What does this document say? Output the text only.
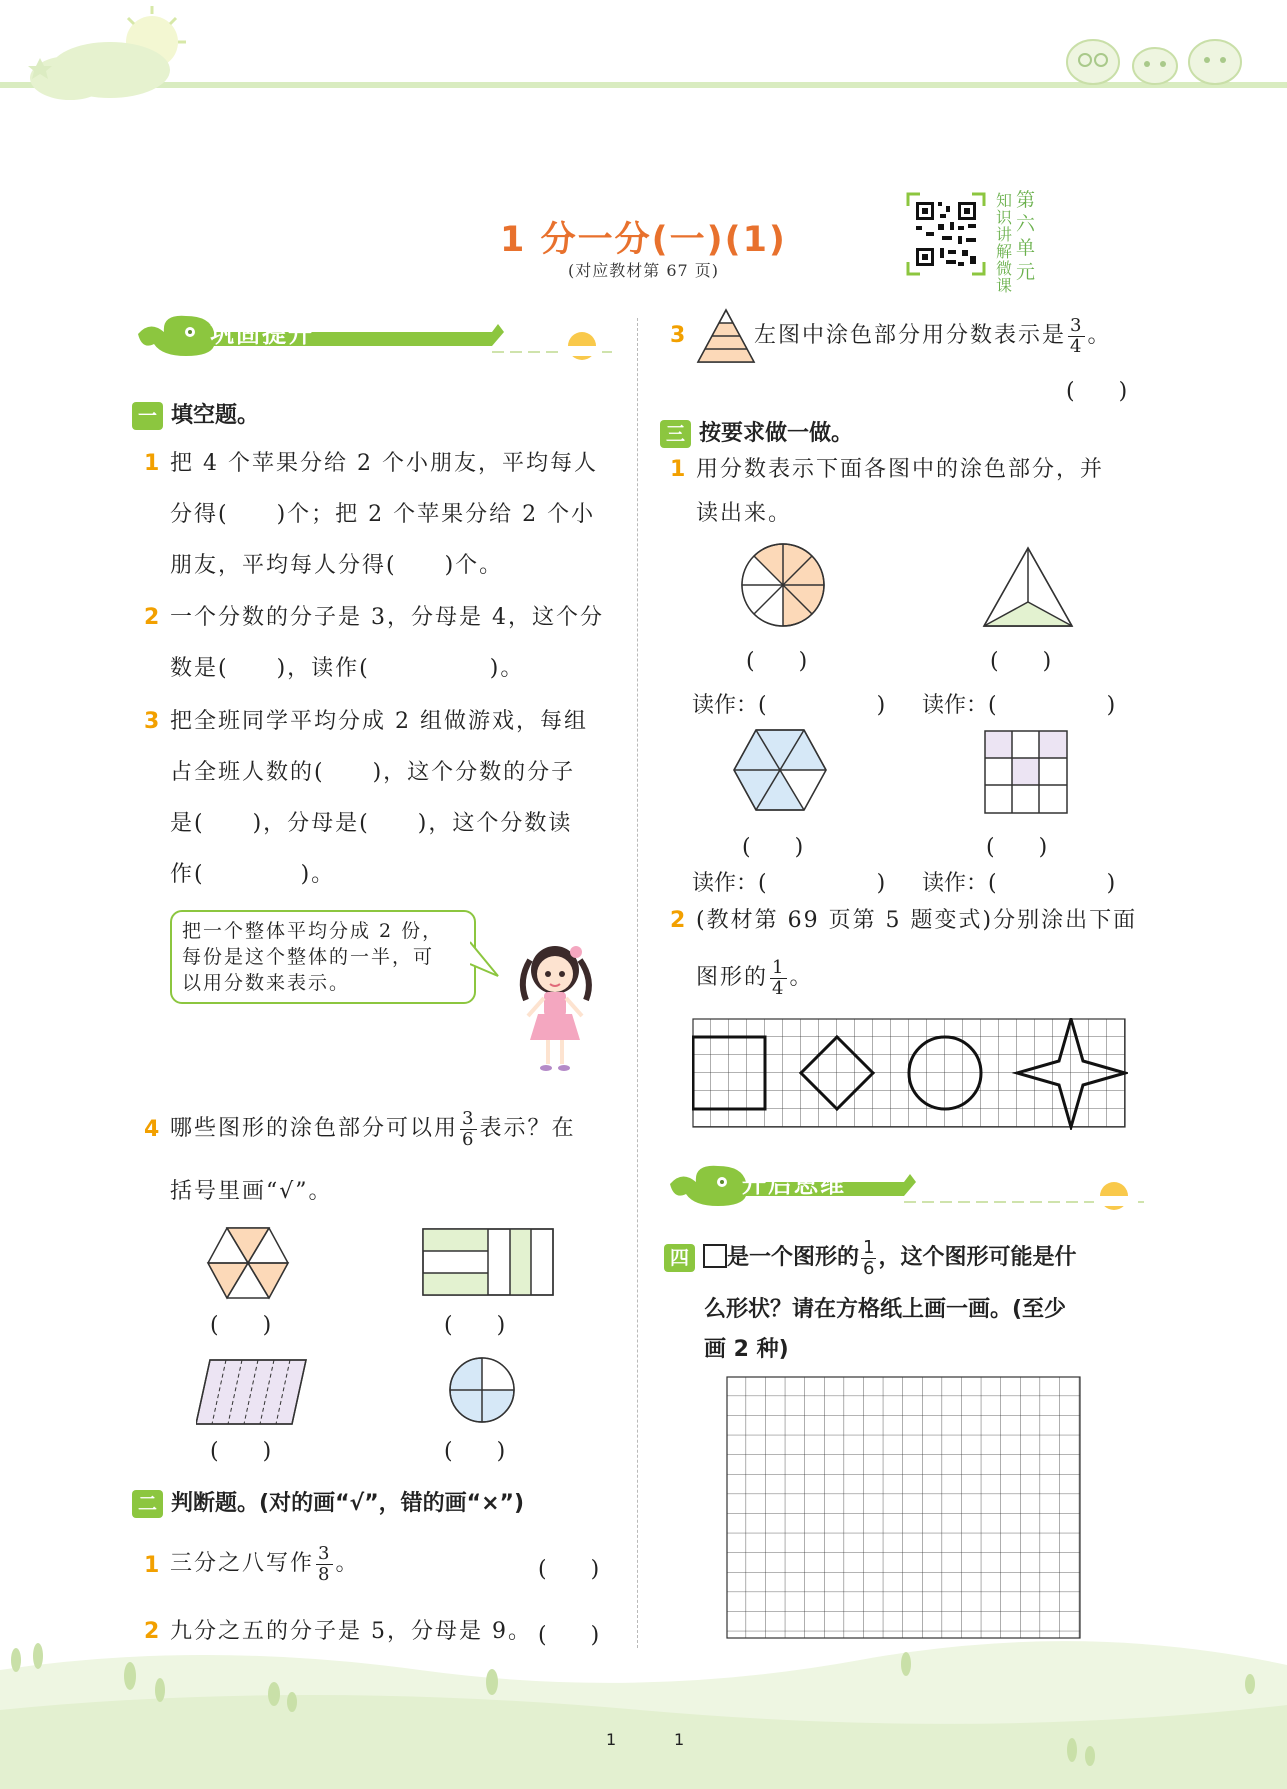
1 分一分(一)(1)
(对应教材第 67 页)
知
识
讲
解
微
课
第
六
单
元
巩固提升
一 填空题。
1 把 4 个苹果分给 2 个小朋友，平均每人
分得(　　)个；把 2 个苹果分给 2 个小
朋友，平均每人分得(　　)个。
2 一个分数的分子是 3，分母是 4，这个分
数是(　　)，读作(　　　　　)。
3 把全班同学平均分成 2 组做游戏，每组
占全班人数的(　　)，这个分数的分子
是(　　)，分母是(　　)，这个分数读
作(　　　　)。
把一个整体平均分成 2 份，
每份是这个整体的一半，可
以用分数来表示。
4 哪些图形的涂色部分可以用 $\frac{3}{6}$ 表示？在
括号里画“√”。
(　　)	(　　)
(　　)	(　　)
二 判断题。(对的画“√”，错的画“×”)
1 三分之八写作 $\frac{3}{8}$ 。	(　　)
2 九分之五的分子是 5，分母是 9。 (　　)
3	左图中涂色部分用分数表示是 $\frac{3}{4}$ 。
(　　)
三 按要求做一做。
1 用分数表示下面各图中的涂色部分，并
读出来。
(　　)	(　　)
读作：(　　　　　) 读作：(　　　　　)
(　　)	(　　)
读作：(　　　　　) 读作：(　　　　　)
2 (教材第 69 页第 5 题变式)分别涂出下面
图形的 $\frac{1}{4}$ 。
开启思维
四 是一个图形的 $\frac{1}{6}$ ，这个图形可能是什
么形状？请在方格纸上画一画。(至少
画 2 种)
1	1
